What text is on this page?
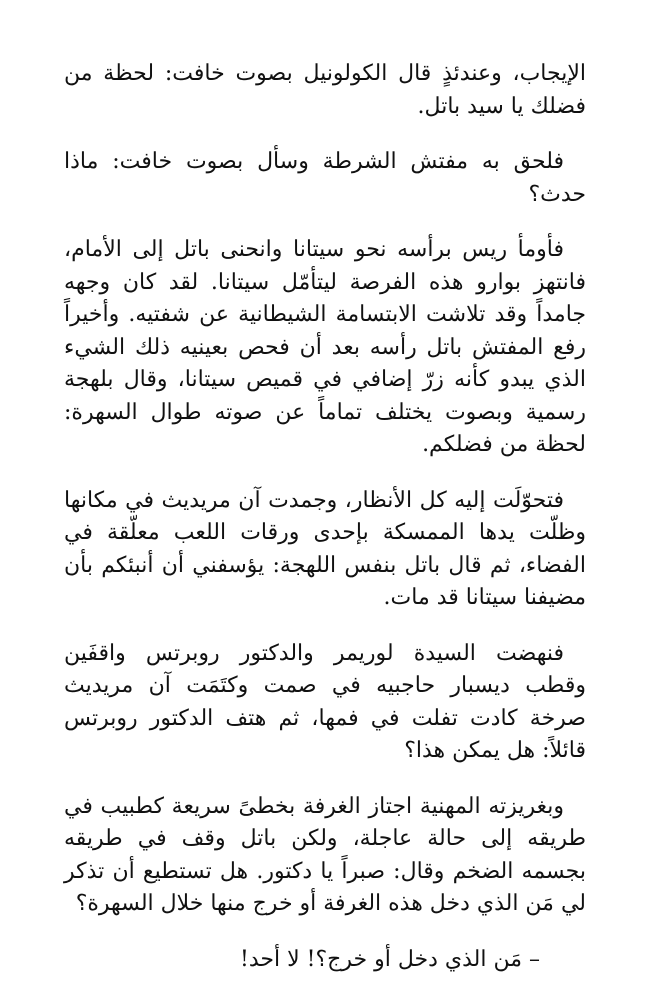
الإيجاب، وعندئذٍ قال الكولونيل بصوت خافت: لحظة من فضلك يا سيد باتل.

فلحق به مفتش الشرطة وسأل بصوت خافت: ماذا حدث؟

فأومأ ريس برأسه نحو سيتانا وانحنى باتل إلى الأمام، فانتهز بوارو هذه الفرصة ليتأمّل سيتانا. لقد كان وجهه جامداً وقد تلاشت الابتسامة الشيطانية عن شفتيه. وأخيراً رفع المفتش باتل رأسه بعد أن فحص بعينيه ذلك الشيء الذي يبدو كأنه زرّ إضافي في قميص سيتانا، وقال بلهجة رسمية وبصوت يختلف تماماً عن صوته طوال السهرة: لحظة من فضلكم.

فتحوّلَت إليه كل الأنظار، وجمدت آن مريديث في مكانها وظلّت يدها الممسكة بإحدى ورقات اللعب معلّقة في الفضاء، ثم قال باتل بنفس اللهجة: يؤسفني أن أنبئكم بأن مضيفنا سيتانا قد مات.

فنهضت السيدة لوريمر والدكتور روبرتس واقفَين وقطب ديسبار حاجبيه في صمت وكتَمَت آن مريديث صرخة كادت تفلت في فمها، ثم هتف الدكتور روبرتس قائلاً: هل يمكن هذا؟

وبغريزته المهنية اجتاز الغرفة بخطىً سريعة كطبيب في طريقه إلى حالة عاجلة، ولكن باتل وقف في طريقه بجسمه الضخم وقال: صبراً يا دكتور. هل تستطيع أن تذكر لي مَن الذي دخل هذه الغرفة أو خرج منها خلال السهرة؟

– مَن الذي دخل أو خرج؟! لا أحد!
